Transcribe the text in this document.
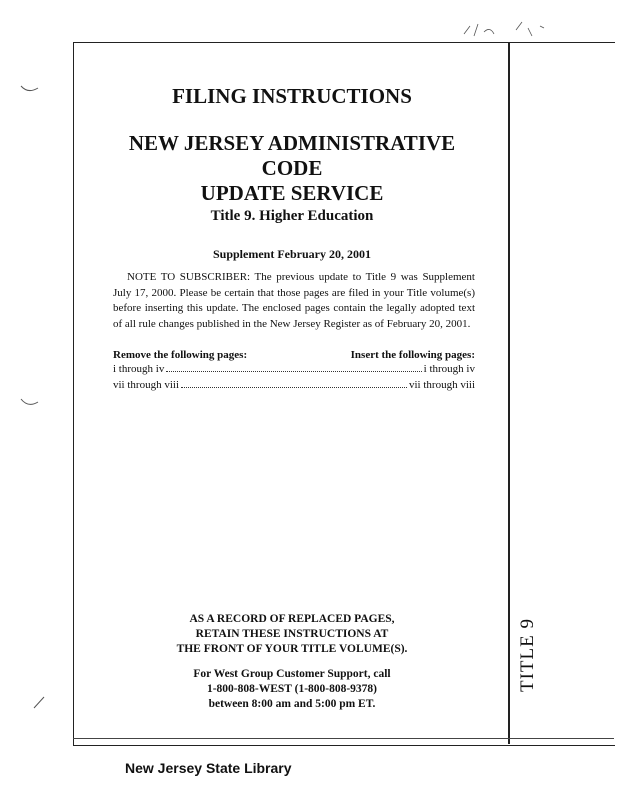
TITLE 9
FILING INSTRUCTIONS
NEW JERSEY ADMINISTRATIVE CODE
UPDATE SERVICE
Title 9. Higher Education
Supplement February 20, 2001
NOTE TO SUBSCRIBER: The previous update to Title 9 was Supplement July 17, 2000. Please be certain that those pages are filed in your Title volume(s) before inserting this update. The enclosed pages contain the legally adopted text of all rule changes published in the New Jersey Register as of February 20, 2001.
Remove the following pages:	Insert the following pages:
i through iv	i through iv
vii through viii	vii through viii
AS A RECORD OF REPLACED PAGES,
RETAIN THESE INSTRUCTIONS AT
THE FRONT OF YOUR TITLE VOLUME(S).
For West Group Customer Support, call
1-800-808-WEST (1-800-808-9378)
between 8:00 am and 5:00 pm ET.
New Jersey State Library
